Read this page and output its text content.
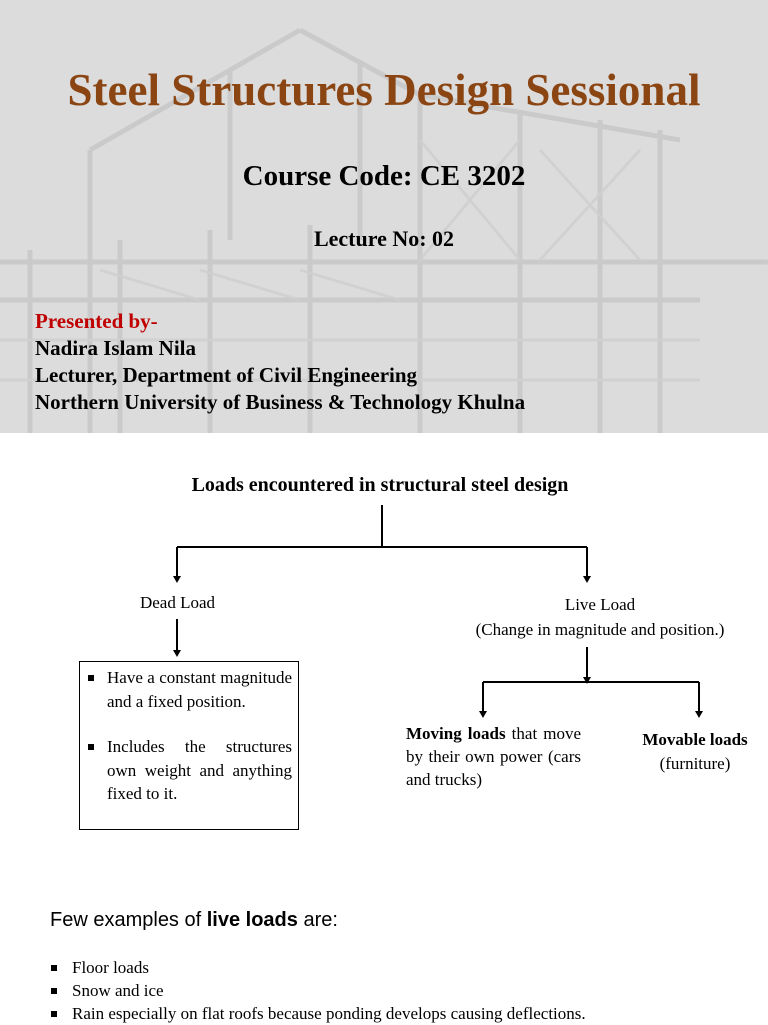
Steel Structures Design Sessional
Course Code: CE 3202
Lecture No: 02
Presented by-
Nadira Islam Nila
Lecturer, Department of Civil Engineering
Northern University of Business & Technology Khulna
Loads encountered in structural steel design
Dead Load	Live Load
(Change in magnitude and position.)
Have a constant magnitude and a fixed position.
Includes the structures own weight and anything fixed to it.
Moving loads that move by their own power (cars and trucks)
Movable loads
(furniture)
Few examples of live loads are:
Floor loads
Snow and ice
Rain especially on flat roofs because ponding develops causing deflections.
